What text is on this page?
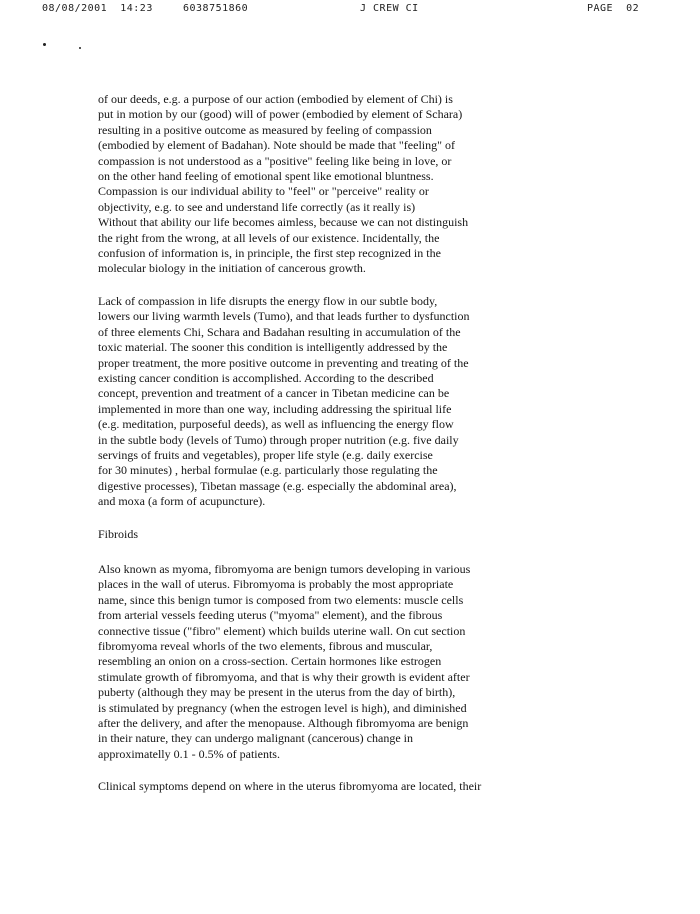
08/08/2001  14:23	6038751860	J CREW CI	PAGE  02
of our deeds, e.g. a purpose of our action (embodied by element of Chi) is
put in motion by our (good) will of power (embodied by element of Schara)
resulting in a positive outcome as measured by feeling of compassion
(embodied by element of Badahan). Note should be made that "feeling" of
compassion is not understood as a "positive" feeling like being in love, or
on the other hand feeling of emotional spent like emotional bluntness.
Compassion is our individual ability to "feel" or "perceive" reality or
objectivity, e.g. to see and understand life correctly (as it really is)
Without that ability our life becomes aimless, because we can not distinguish
the right from the wrong, at all levels of our existence. Incidentally, the
confusion of information is, in principle, the first step recognized in the
molecular biology in the initiation of cancerous growth.
Lack of compassion in life disrupts the energy flow in our subtle body,
lowers our living warmth levels (Tumo), and that leads further to dysfunction
of three elements Chi, Schara and Badahan resulting in accumulation of the
toxic material. The sooner this condition is intelligently addressed by the
proper treatment, the more positive outcome in preventing and treating of the
existing cancer condition is accomplished. According to the described
concept, prevention and treatment of a cancer in Tibetan medicine can be
implemented in more than one way, including addressing the spiritual life
(e.g. meditation, purposeful deeds), as well as influencing the energy flow
in the subtle body (levels of Tumo) through proper nutrition (e.g. five daily
servings of fruits and vegetables), proper life style (e.g. daily exercise
for 30 minutes) , herbal formulae (e.g. particularly those regulating the
digestive processes), Tibetan massage (e.g. especially the abdominal area),
and moxa (a form of acupuncture).
Fibroids
Also known as myoma, fibromyoma are benign tumors developing in various
places in the wall of uterus. Fibromyoma is probably the most appropriate
name, since this benign tumor is composed from two elements: muscle cells
from arterial vessels feeding uterus ("myoma" element), and the fibrous
connective tissue ("fibro" element) which builds uterine wall. On cut section
fibromyoma reveal whorls of the two elements, fibrous and muscular,
resembling an onion on a cross-section. Certain hormones like estrogen
stimulate growth of fibromyoma, and that is why their growth is evident after
puberty (although they may be present in the uterus from the day of birth),
is stimulated by pregnancy (when the estrogen level is high), and diminished
after the delivery, and after the menopause. Although fibromyoma are benign
in their nature, they can undergo malignant (cancerous) change in
approximatelly 0.1 - 0.5% of patients.
Clinical symptoms depend on where in the uterus fibromyoma are located, their
